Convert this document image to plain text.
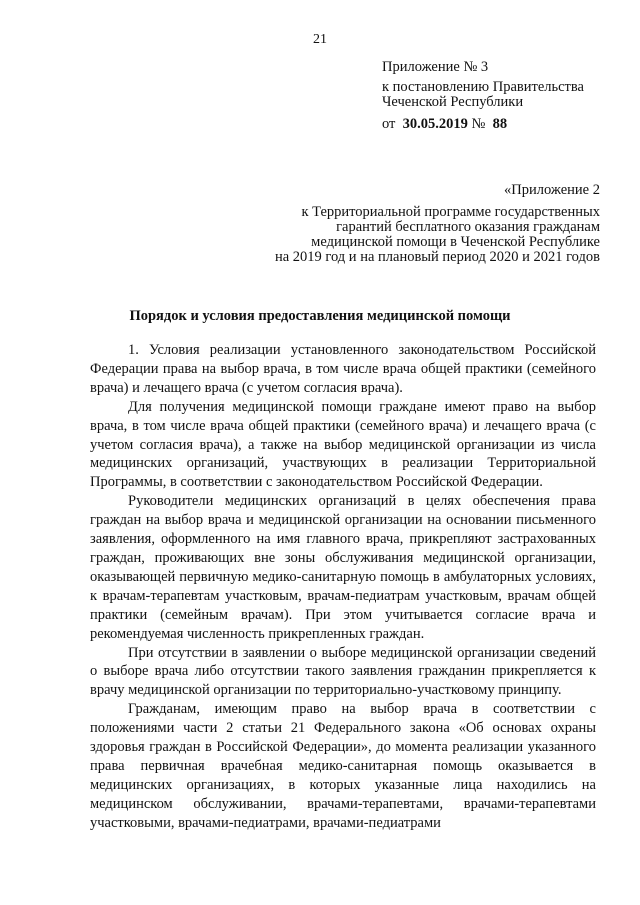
21
Приложение № 3
к постановлению Правительства
Чеченской Республики
от 30.05.2019 № 88
«Приложение 2
к Территориальной программе государственных
гарантий бесплатного оказания гражданам
медицинской помощи в Чеченской Республике
на 2019 год и на плановый период 2020 и 2021 годов
Порядок и условия предоставления медицинской помощи

1. Условия реализации установленного законодательством Российской Федерации права на выбор врача, в том числе врача общей практики (семейного врача) и лечащего врача (с учетом согласия врача).

Для получения медицинской помощи граждане имеют право на выбор врача, в том числе врача общей практики (семейного врача) и лечащего врача (с учетом согласия врача), а также на выбор медицинской организации из числа медицинских организаций, участвующих в реализации Территориальной Программы, в соответствии с законодательством Российской Федерации.

Руководители медицинских организаций в целях обеспечения права граждан на выбор врача и медицинской организации на основании письменного заявления, оформленного на имя главного врача, прикрепляют застрахованных граждан, проживающих вне зоны обслуживания медицинской организации, оказывающей первичную медико-санитарную помощь в амбулаторных условиях, к врачам-терапевтам участковым, врачам-педиатрам участковым, врачам общей практики (семейным врачам). При этом учитывается согласие врача и рекомендуемая численность прикрепленных граждан.

При отсутствии в заявлении о выборе медицинской организации сведений о выборе врача либо отсутствии такого заявления гражданин прикрепляется к врачу медицинской организации по территориально-участковому принципу.

Гражданам, имеющим право на выбор врача в соответствии с положениями части 2 статьи 21 Федерального закона «Об основах охраны здоровья граждан в Российской Федерации», до момента реализации указанного права первичная врачебная медико-санитарная помощь оказывается в медицинских организациях, в которых указанные лица находились на медицинском обслуживании, врачами-терапевтами, врачами-терапевтами участковыми, врачами-педиатрами, врачами-педиатрами
